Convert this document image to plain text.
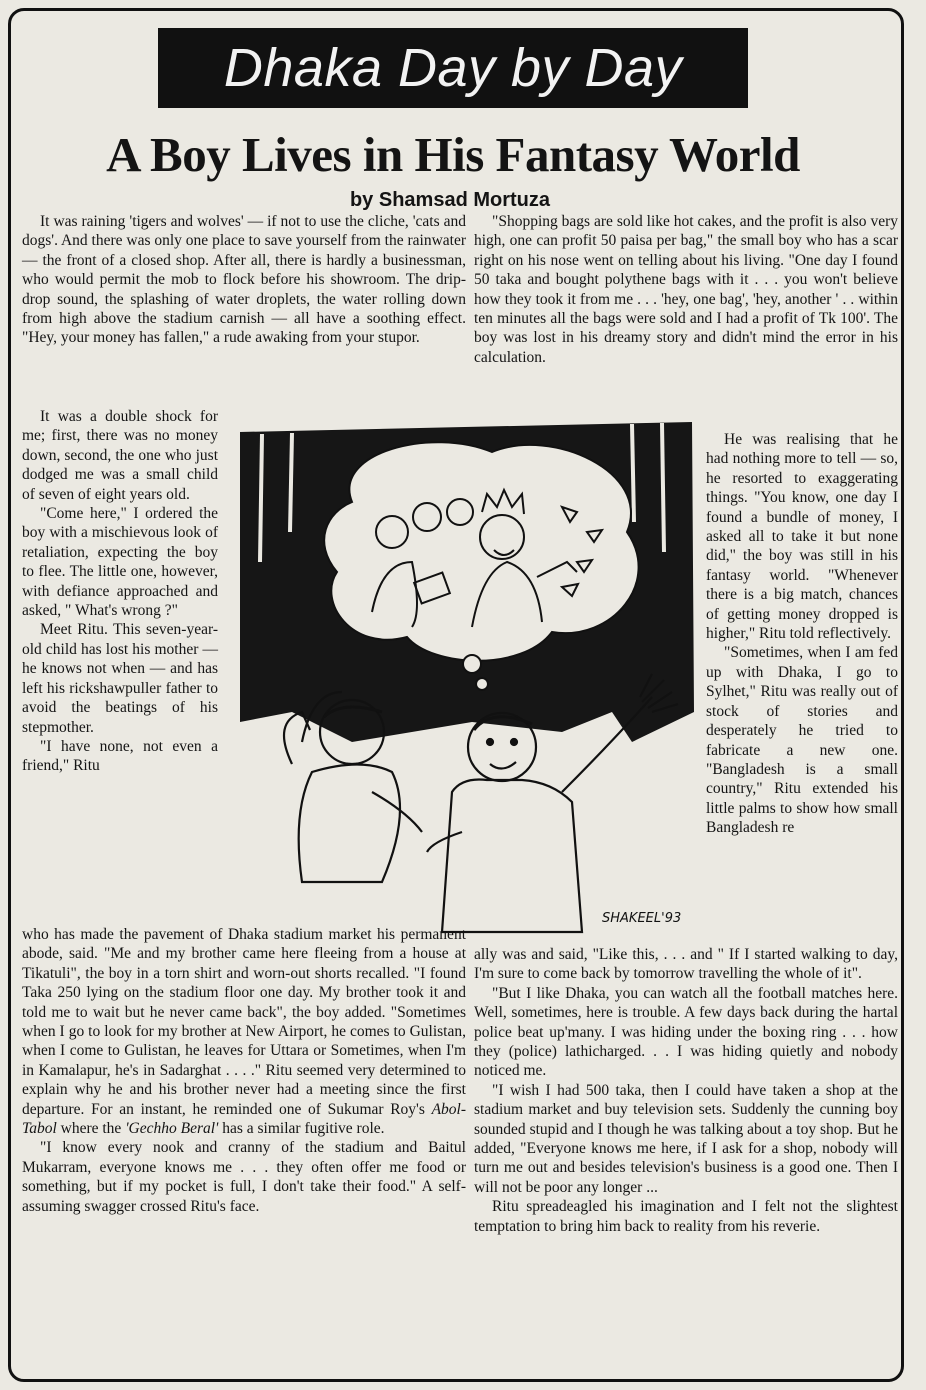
Dhaka Day by Day
A Boy Lives in His Fantasy World
by Shamsad Mortuza

It was raining 'tigers and wolves' — if not to use the cliche, 'cats and dogs'. And there was only one place to save yourself from the rainwater — the front of a closed shop. After all, there is hardly a businessman, who would permit the mob to flock before his showroom. The drip-drop sound, the splashing of water droplets, the water rolling down from high above the stadium carnish — all have a soothing effect. "Hey, your money has fallen," a rude awaking from your stupor.

It was a double shock for me; first, there was no money down, second, the one who just dodged me was a small child of seven of eight years old.

"Come here," I ordered the boy with a mischievous look of retaliation, expecting the boy to flee. The little one, however, with defiance approached and asked, " What's wrong ?"

Meet Ritu. This seven-year-old child has lost his mother — he knows not when — and has left his rickshawpuller father to avoid the beatings of his stepmother.

"I have none, not even a friend," Ritu

who has made the pavement of Dhaka stadium market his permanent abode, said. "Me and my brother came here fleeing from a house at Tikatuli", the boy in a torn shirt and worn-out shorts recalled. "I found Taka 250 lying on the stadium floor one day. My brother took it and told me to wait but he never came back", the boy added. "Sometimes when I go to look for my brother at New Airport, he comes to Gulistan, when I come to Gulistan, he leaves for Uttara or Sometimes, when I'm in Kamalapur, he's in Sadarghat . . . ." Ritu seemed very determined to explain why he and his brother never had a meeting since the first departure. For an instant, he reminded one of Sukumar Roy's Abol-Tabol where the 'Gechho Beral' has a similar fugitive role.

"I know every nook and cranny of the stadium and Baitul Mukarram, everyone knows me . . . they often offer me food or something, but if my pocket is full, I don't take their food." A self-assuming swagger crossed Ritu's face.

"Shopping bags are sold like hot cakes, and the profit is also very high, one can profit 50 paisa per bag," the small boy who has a scar right on his nose went on telling about his living. "One day I found 50 taka and bought polythene bags with it . . . you won't believe how they took it from me . . . 'hey, one bag', 'hey, another ' . . within ten minutes all the bags were sold and I had a profit of Tk 100'. The boy was lost in his dreamy story and didn't mind the error in his calculation.

He was realising that he had nothing more to tell — so, he resorted to exaggerating things. "You know, one day I found a bundle of money, I asked all to take it but none did," the boy was still in his fantasy world. "Whenever there is a big match, chances of getting money dropped is higher," Ritu told reflectively.

"Sometimes, when I am fed up with Dhaka, I go to Sylhet," Ritu was really out of stock of stories and desperately he tried to fabricate a new one. "Bangladesh is a small country," Ritu extended his little palms to show how small Bangladesh re

ally was and said, "Like this, . . . and " If I started walking to day, I'm sure to come back by tomorrow travelling the whole of it".

"But I like Dhaka, you can watch all the football matches here. Well, sometimes, here is trouble. A few days back during the hartal police beat up'many. I was hiding under the boxing ring . . . how they (police) lathicharged. . . I was hiding quietly and nobody noticed me.

"I wish I had 500 taka, then I could have taken a shop at the stadium market and buy television sets. Suddenly the cunning boy sounded stupid and I though he was talking about a toy shop. But he added, "Everyone knows me here, if I ask for a shop, nobody will turn me out and besides television's business is a good one. Then I will not be poor any longer ...

Ritu spreadeagled his imagination and I felt not the slightest temptation to bring him back to reality from his reverie.

SHAKEEL'93
